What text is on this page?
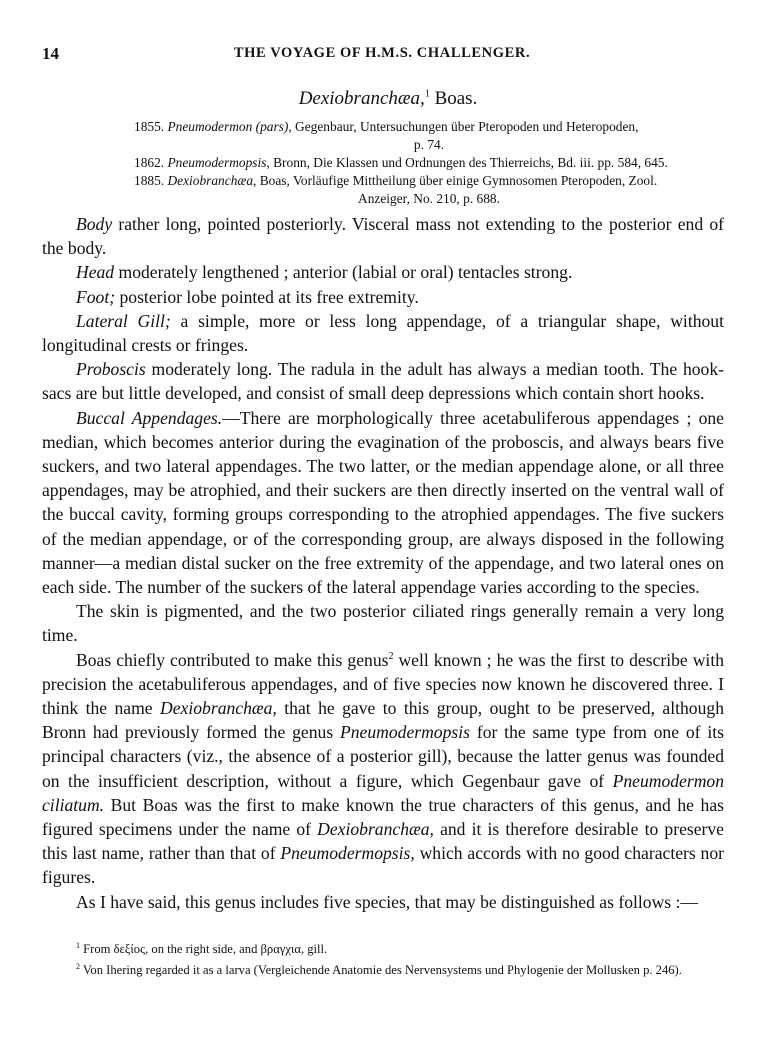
14	THE VOYAGE OF H.M.S. CHALLENGER.
Dexiobranchæa,$^1$ Boas.
1855. Pneumodermon (pars), Gegenbaur, Untersuchungen über Pteropoden und Heteropoden,
p. 74.
1862. Pneumodermopsis, Bronn, Die Klassen und Ordnungen des Thierreichs, Bd. iii. pp. 584, 645.
1885. Dexiobranchæa, Boas, Vorläufige Mittheilung über einige Gymnosomen Pteropoden, Zool.
Anzeiger, No. 210, p. 688.

Body rather long, pointed posteriorly. Visceral mass not extending to the posterior end of the body.

Head moderately lengthened ; anterior (labial or oral) tentacles strong.

Foot; posterior lobe pointed at its free extremity.

Lateral Gill; a simple, more or less long appendage, of a triangular shape, without longitudinal crests or fringes.

Proboscis moderately long. The radula in the adult has always a median tooth. The hook-sacs are but little developed, and consist of small deep depressions which contain short hooks.

Buccal Appendages.—There are morphologically three acetabuliferous appendages ; one median, which becomes anterior during the evagination of the proboscis, and always bears five suckers, and two lateral appendages. The two latter, or the median appendage alone, or all three appendages, may be atrophied, and their suckers are then directly inserted on the ventral wall of the buccal cavity, forming groups corresponding to the atrophied appendages. The five suckers of the median appendage, or of the corresponding group, are always disposed in the following manner—a median distal sucker on the free extremity of the appendage, and two lateral ones on each side. The number of the suckers of the lateral appendage varies according to the species.

The skin is pigmented, and the two posterior ciliated rings generally remain a very long time.

Boas chiefly contributed to make this genus$^2$ well known ; he was the first to describe with precision the acetabuliferous appendages, and of five species now known he discovered three. I think the name Dexiobranchæa, that he gave to this group, ought to be preserved, although Bronn had previously formed the genus Pneumodermopsis for the same type from one of its principal characters (viz., the absence of a posterior gill), because the latter genus was founded on the insufficient description, without a figure, which Gegenbaur gave of Pneumodermon ciliatum. But Boas was the first to make known the true characters of this genus, and he has figured specimens under the name of Dexiobranchæa, and it is therefore desirable to preserve this last name, rather than that of Pneumodermopsis, which accords with no good characters nor figures.

As I have said, this genus includes five species, that may be distinguished as follows :—

$^1$ From δεξίος, on the right side, and βραγχια, gill.

$^2$ Von Ihering regarded it as a larva (Vergleichende Anatomie des Nervensystems und Phylogenie der Mollusken p. 246).
